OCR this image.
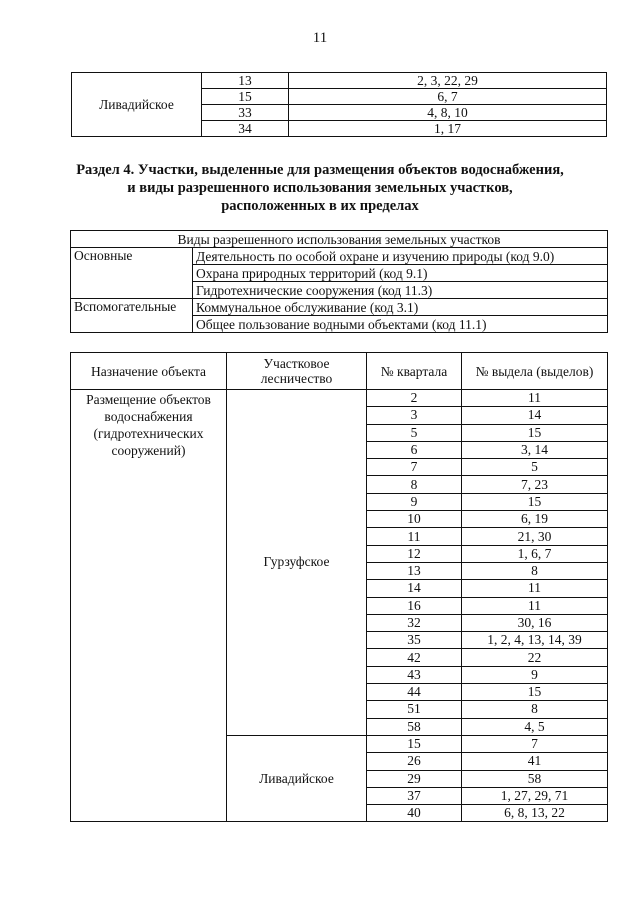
11
Ливадийское	13	2, 3, 22, 29
	15	6, 7
	33	4, 8, 10
	34	1, 17
Раздел 4. Участки, выделенные для размещения объектов водоснабжения,
и виды разрешенного использования земельных участков,
расположенных в их пределах
Виды разрешенного использования земельных участков	
Основные	Деятельность по особой охране и изучению природы (код 9.0)
	Охрана природных территорий (код 9.1)
	Гидротехнические сооружения (код 11.3)
Вспомогательные	Коммунальное обслуживание (код 3.1)
	Общее пользование водными объектами (код 11.1)
Назначение объекта	Участковое лесничество	№ квартала	№ выдела (выделов)
Размещение объектов водоснабжения (гидротехнических сооружений)	Гурзуфское	2	11
		3	14
		5	15
		6	3, 14
		7	5
		8	7, 23
		9	15
		10	6, 19
		11	21, 30
		12	1, 6, 7
		13	8
		14	11
		16	11
		32	30, 16
		35	1, 2, 4, 13, 14, 39
		42	22
		43	9
		44	15
		51	8
		58	4, 5
	Ливадийское	15	7
		26	41
		29	58
		37	1, 27, 29, 71
		40	6, 8, 13, 22
